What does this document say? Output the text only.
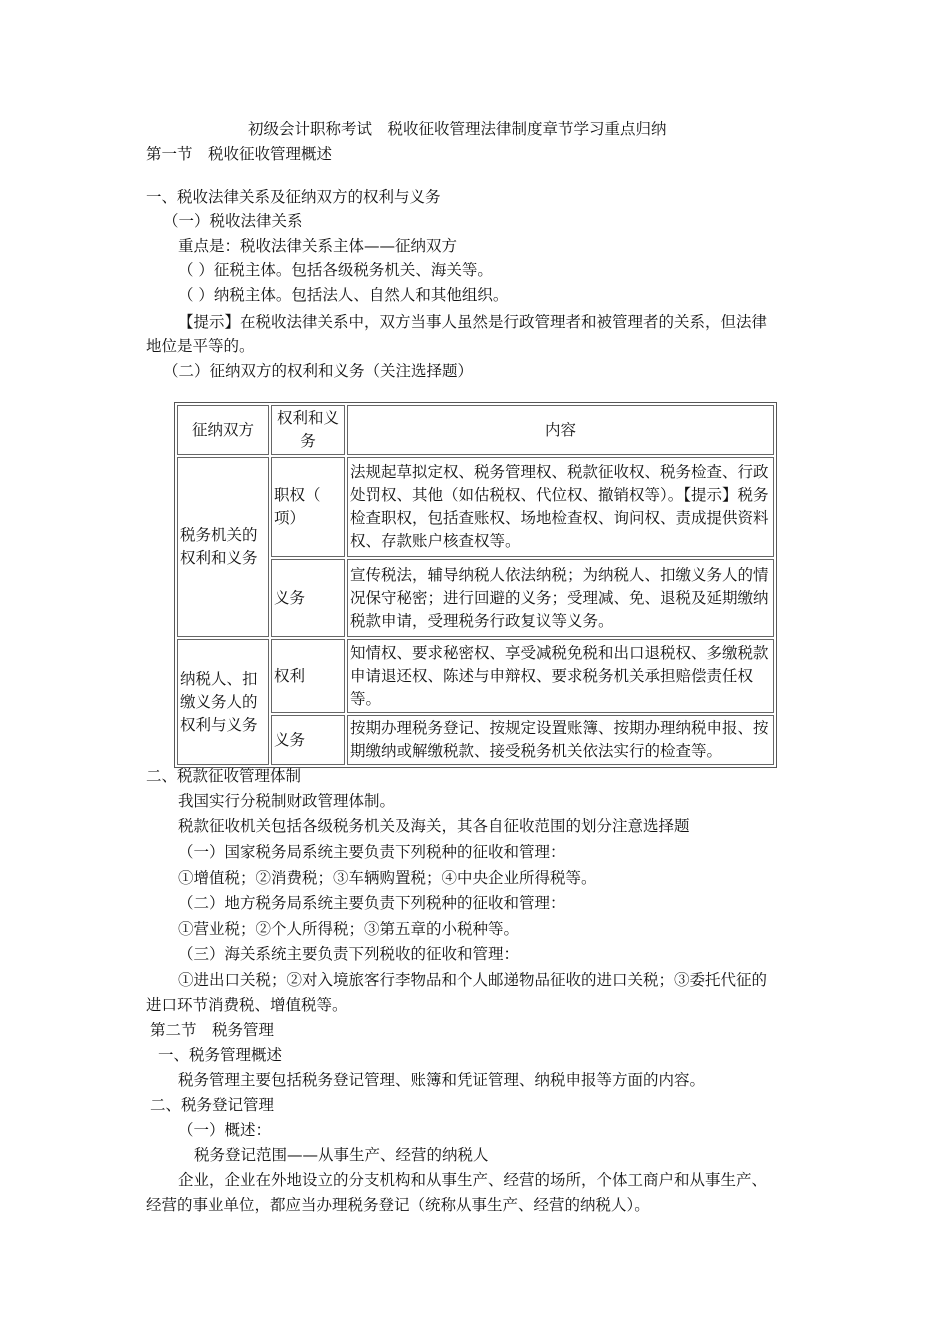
初级会计职称考试　税收征收管理法律制度章节学习重点归纳
第一节　税收征收管理概述
一、税收法律关系及征纳双方的权利与义务
（一）税收法律关系
重点是：税收法律关系主体——征纳双方
（ ）征税主体。包括各级税务机关、海关等。
（ ）纳税主体。包括法人、自然人和其他组织。
【提示】在税收法律关系中，双方当事人虽然是行政管理者和被管理者的关系，但法律
地位是平等的。
（二）征纳双方的权利和义务（关注选择题）
征纳双方	权利和义务	内容
税务机关的权利和义务	职权（ 项）	法规起草拟定权、税务管理权、税款征收权、税务检查、行政处罚权、其他（如估税权、代位权、撤销权等）。【提示】税务检查职权，包括查账权、场地检查权、询问权、责成提供资料权、存款账户核查权等。
	义务	宣传税法，辅导纳税人依法纳税；为纳税人、扣缴义务人的情况保守秘密；进行回避的义务；受理减、免、退税及延期缴纳税款申请，受理税务行政复议等义务。
纳税人、扣缴义务人的权利与义务	权利	知情权、要求秘密权、享受减税免税和出口退税权、多缴税款申请退还权、陈述与申辩权、要求税务机关承担赔偿责任权等。
	义务	按期办理税务登记、按规定设置账簿、按期办理纳税申报、按期缴纳或解缴税款、接受税务机关依法实行的检查等。
二、税款征收管理体制
我国实行分税制财政管理体制。
税款征收机关包括各级税务机关及海关，其各自征收范围的划分注意选择题
（一）国家税务局系统主要负责下列税种的征收和管理：
①增值税；②消费税；③车辆购置税；④中央企业所得税等。
（二）地方税务局系统主要负责下列税种的征收和管理：
①营业税；②个人所得税；③第五章的小税种等。
（三）海关系统主要负责下列税收的征收和管理：
①进出口关税；②对入境旅客行李物品和个人邮递物品征收的进口关税；③委托代征的
进口环节消费税、增值税等。
第二节　税务管理
一、税务管理概述
税务管理主要包括税务登记管理、账簿和凭证管理、纳税申报等方面的内容。
二、税务登记管理
（一）概述：
税务登记范围——从事生产、经营的纳税人
企业，企业在外地设立的分支机构和从事生产、经营的场所，个体工商户和从事生产、
经营的事业单位，都应当办理税务登记（统称从事生产、经营的纳税人）。
